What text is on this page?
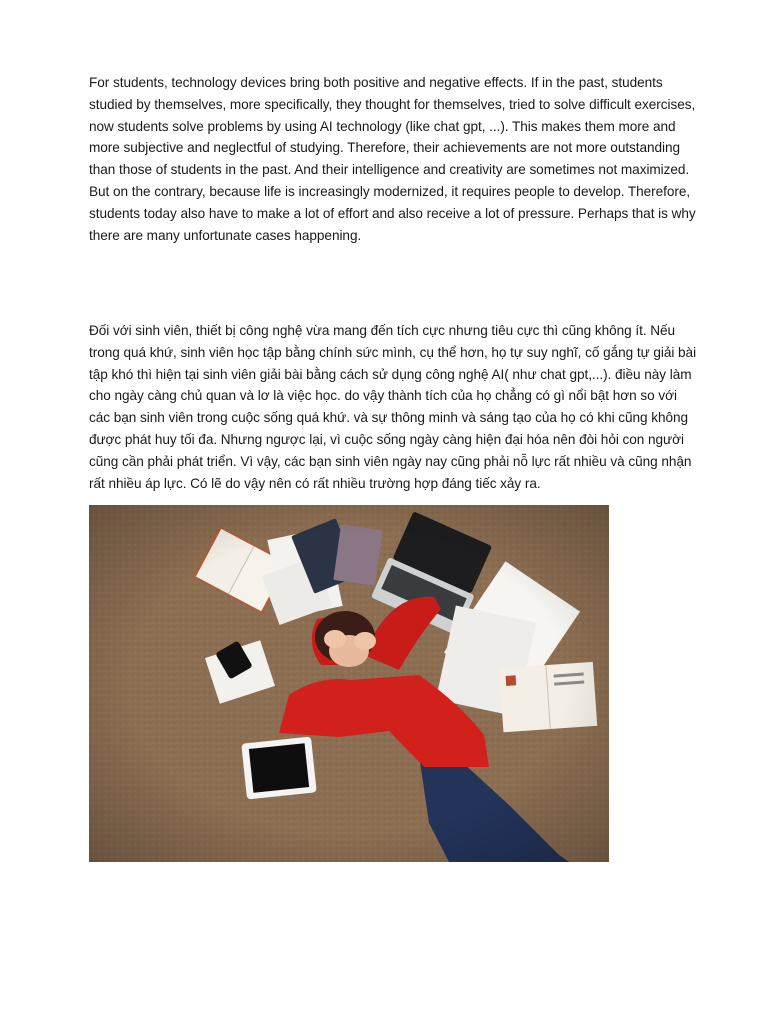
For students, technology devices bring both positive and negative effects. If in the past, students studied by themselves, more specifically, they thought for themselves, tried to solve difficult exercises, now students solve problems by using AI technology (like chat gpt, ...). This makes them more and more subjective and neglectful of studying. Therefore, their achievements are not more outstanding than those of students in the past. And their intelligence and creativity are sometimes not maximized. But on the contrary, because life is increasingly modernized, it requires people to develop. Therefore, students today also have to make a lot of effort and also receive a lot of pressure. Perhaps that is why there are many unfortunate cases happening.

Đối với sinh viên, thiết bị công nghệ vừa mang đến tích cực nhưng tiêu cực thì cũng không ít. Nếu trong quá khứ, sinh viên học tập bằng chính sức mình, cụ thể hơn, họ tự suy nghĩ, cố gắng tự giải bài tập khó thì hiện tại sinh viên giải bài bằng cách sử dụng công nghệ AI( như chat gpt,...). điều này làm cho ngày càng chủ quan và lơ là việc học. do vậy thành tích của họ chẳng có gì nổi bật hơn so với các bạn sinh viên trong cuộc sống quá khứ. và sự thông minh và sáng tạo của họ có khi cũng không được phát huy tối đa. Nhưng ngược lại, vì cuộc sống ngày càng hiện đại hóa nên đòi hỏi con người cũng cần phải phát triển. Vì vậy, các bạn sinh viên ngày nay cũng phải nỗ lực rất nhiều và cũng nhận rất nhiều áp lực. Có lẽ do vậy nên có rất nhiều trường hợp đáng tiếc xảy ra.
